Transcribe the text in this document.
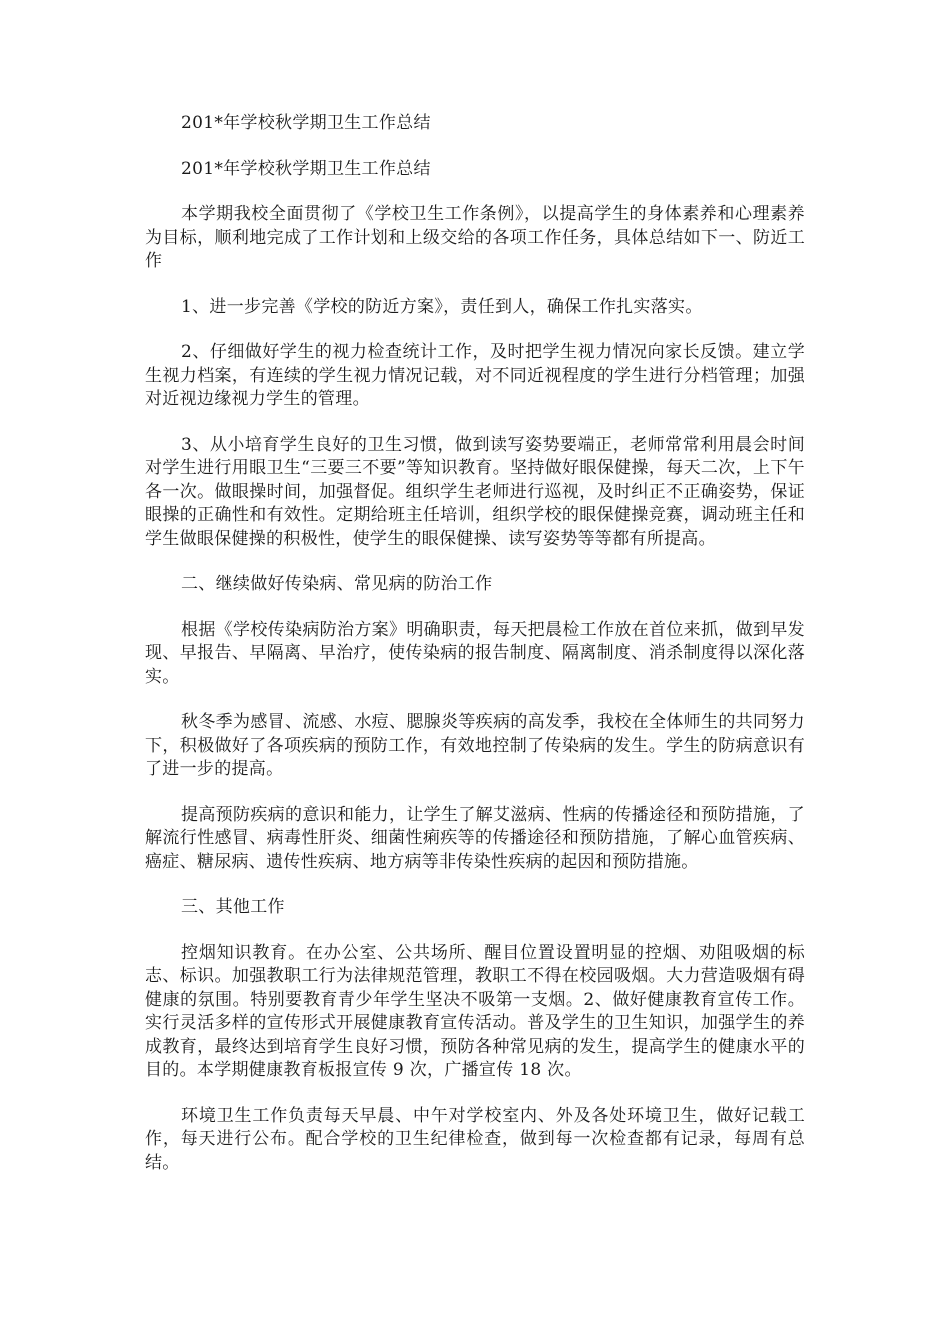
201*年学校秋学期卫生工作总结

201*年学校秋学期卫生工作总结

本学期我校全面贯彻了《学校卫生工作条例》，以提高学生的身体素养和心理素养为目标，顺利地完成了工作计划和上级交给的各项工作任务，具体总结如下一、防近工作

1、进一步完善《学校的防近方案》，责任到人，确保工作扎实落实。

2、仔细做好学生的视力检查统计工作，及时把学生视力情况向家长反馈。建立学生视力档案，有连续的学生视力情况记载，对不同近视程度的学生进行分档管理；加强对近视边缘视力学生的管理。

3、从小培育学生良好的卫生习惯，做到读写姿势要端正，老师常常利用晨会时间对学生进行用眼卫生“三要三不要”等知识教育。坚持做好眼保健操，每天二次，上下午各一次。做眼操时间，加强督促。组织学生老师进行巡视，及时纠正不正确姿势，保证眼操的正确性和有效性。定期给班主任培训，组织学校的眼保健操竞赛，调动班主任和学生做眼保健操的积极性，使学生的眼保健操、读写姿势等等都有所提高。

二、继续做好传染病、常见病的防治工作

根据《学校传染病防治方案》明确职责，每天把晨检工作放在首位来抓，做到早发现、早报告、早隔离、早治疗，使传染病的报告制度、隔离制度、消杀制度得以深化落实。

秋冬季为感冒、流感、水痘、腮腺炎等疾病的高发季，我校在全体师生的共同努力下，积极做好了各项疾病的预防工作，有效地控制了传染病的发生。学生的防病意识有了进一步的提高。

提高预防疾病的意识和能力，让学生了解艾滋病、性病的传播途径和预防措施，了解流行性感冒、病毒性肝炎、细菌性痢疾等的传播途径和预防措施，了解心血管疾病、癌症、糖尿病、遗传性疾病、地方病等非传染性疾病的起因和预防措施。

三、其他工作

控烟知识教育。在办公室、公共场所、醒目位置设置明显的控烟、劝阻吸烟的标志、标识。加强教职工行为法律规范管理，教职工不得在校园吸烟。大力营造吸烟有碍健康的氛围。特别要教育青少年学生坚决不吸第一支烟。2、做好健康教育宣传工作。实行灵活多样的宣传形式开展健康教育宣传活动。普及学生的卫生知识，加强学生的养成教育，最终达到培育学生良好习惯，预防各种常见病的发生，提高学生的健康水平的目的。本学期健康教育板报宣传 9 次，广播宣传 18 次。

环境卫生工作负责每天早晨、中午对学校室内、外及各处环境卫生，做好记载工作，每天进行公布。配合学校的卫生纪律检查，做到每一次检查都有记录，每周有总结。
